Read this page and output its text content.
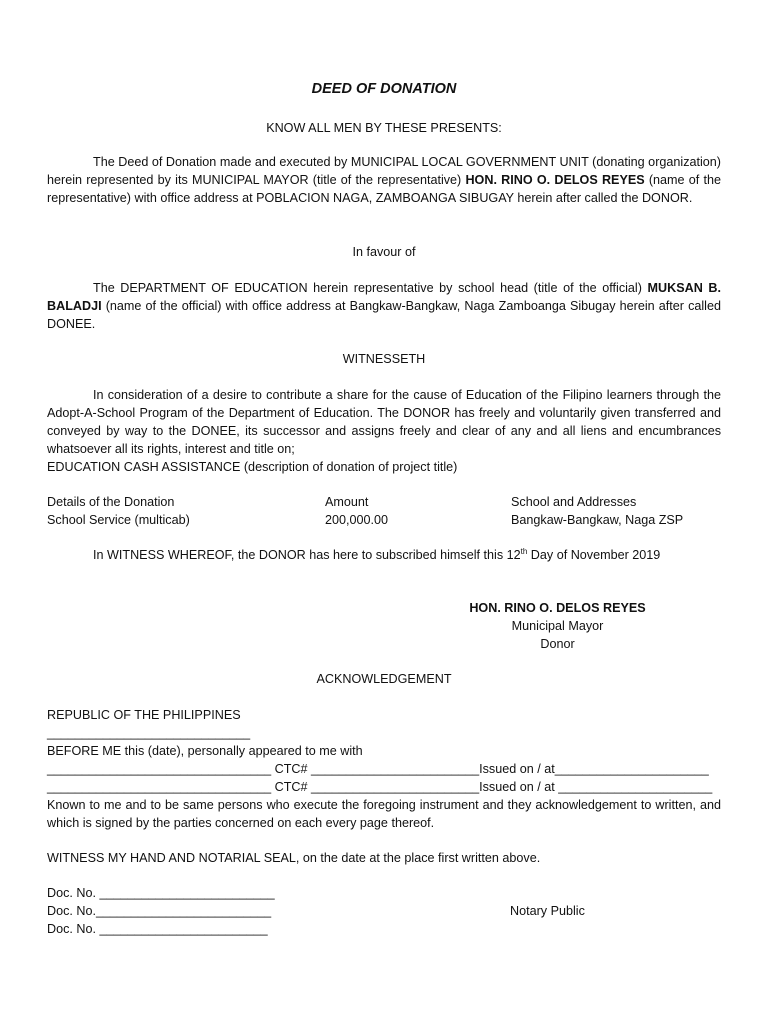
DEED OF DONATION
KNOW ALL MEN BY THESE PRESENTS:
The Deed of Donation made and executed by MUNICIPAL LOCAL GOVERNMENT UNIT (donating organization) herein represented by its MUNICIPAL MAYOR (title of the representative) HON. RINO O. DELOS REYES (name of the representative) with office address at POBLACION NAGA, ZAMBOANGA SIBUGAY herein after called the DONOR.
In favour of
The DEPARTMENT OF EDUCATION herein representative by school head (title of the official) MUKSAN B. BALADJI (name of the official) with office address at Bangkaw-Bangkaw, Naga Zamboanga Sibugay herein after called DONEE.
WITNESSETH
In consideration of a desire to contribute a share for the cause of Education of the Filipino learners through the Adopt-A-School Program of the Department of Education. The DONOR has freely and voluntarily given transferred and conveyed by way to the DONEE, its successor and assigns freely and clear of any and all liens and encumbrances whatsoever all its rights, interest and title on;
EDUCATION CASH ASSISTANCE (description of donation of project title)
Details of the Donation	Amount	School and Addresses
School Service (multicab)	200,000.00	Bangkaw-Bangkaw, Naga ZSP
In WITNESS WHEREOF, the DONOR has here to subscribed himself this 12th Day of November 2019
HON. RINO O. DELOS REYES
Municipal Mayor
Donor
ACKNOWLEDGEMENT
REPUBLIC OF THE PHILIPPINES
_____________________________
BEFORE ME this (date), personally appeared to me with
________________________________ CTC# ________________________Issued on / at______________________
________________________________ CTC# ________________________Issued on / at ______________________
Known to me and to be same persons who execute the foregoing instrument and they acknowledgement to written, and which is signed by the parties concerned on each every page thereof.
WITNESS MY HAND AND NOTARIAL SEAL, on the date at the place first written above.
Doc. No. _________________________
Doc. No._________________________
Doc. No. ________________________
Notary Public
